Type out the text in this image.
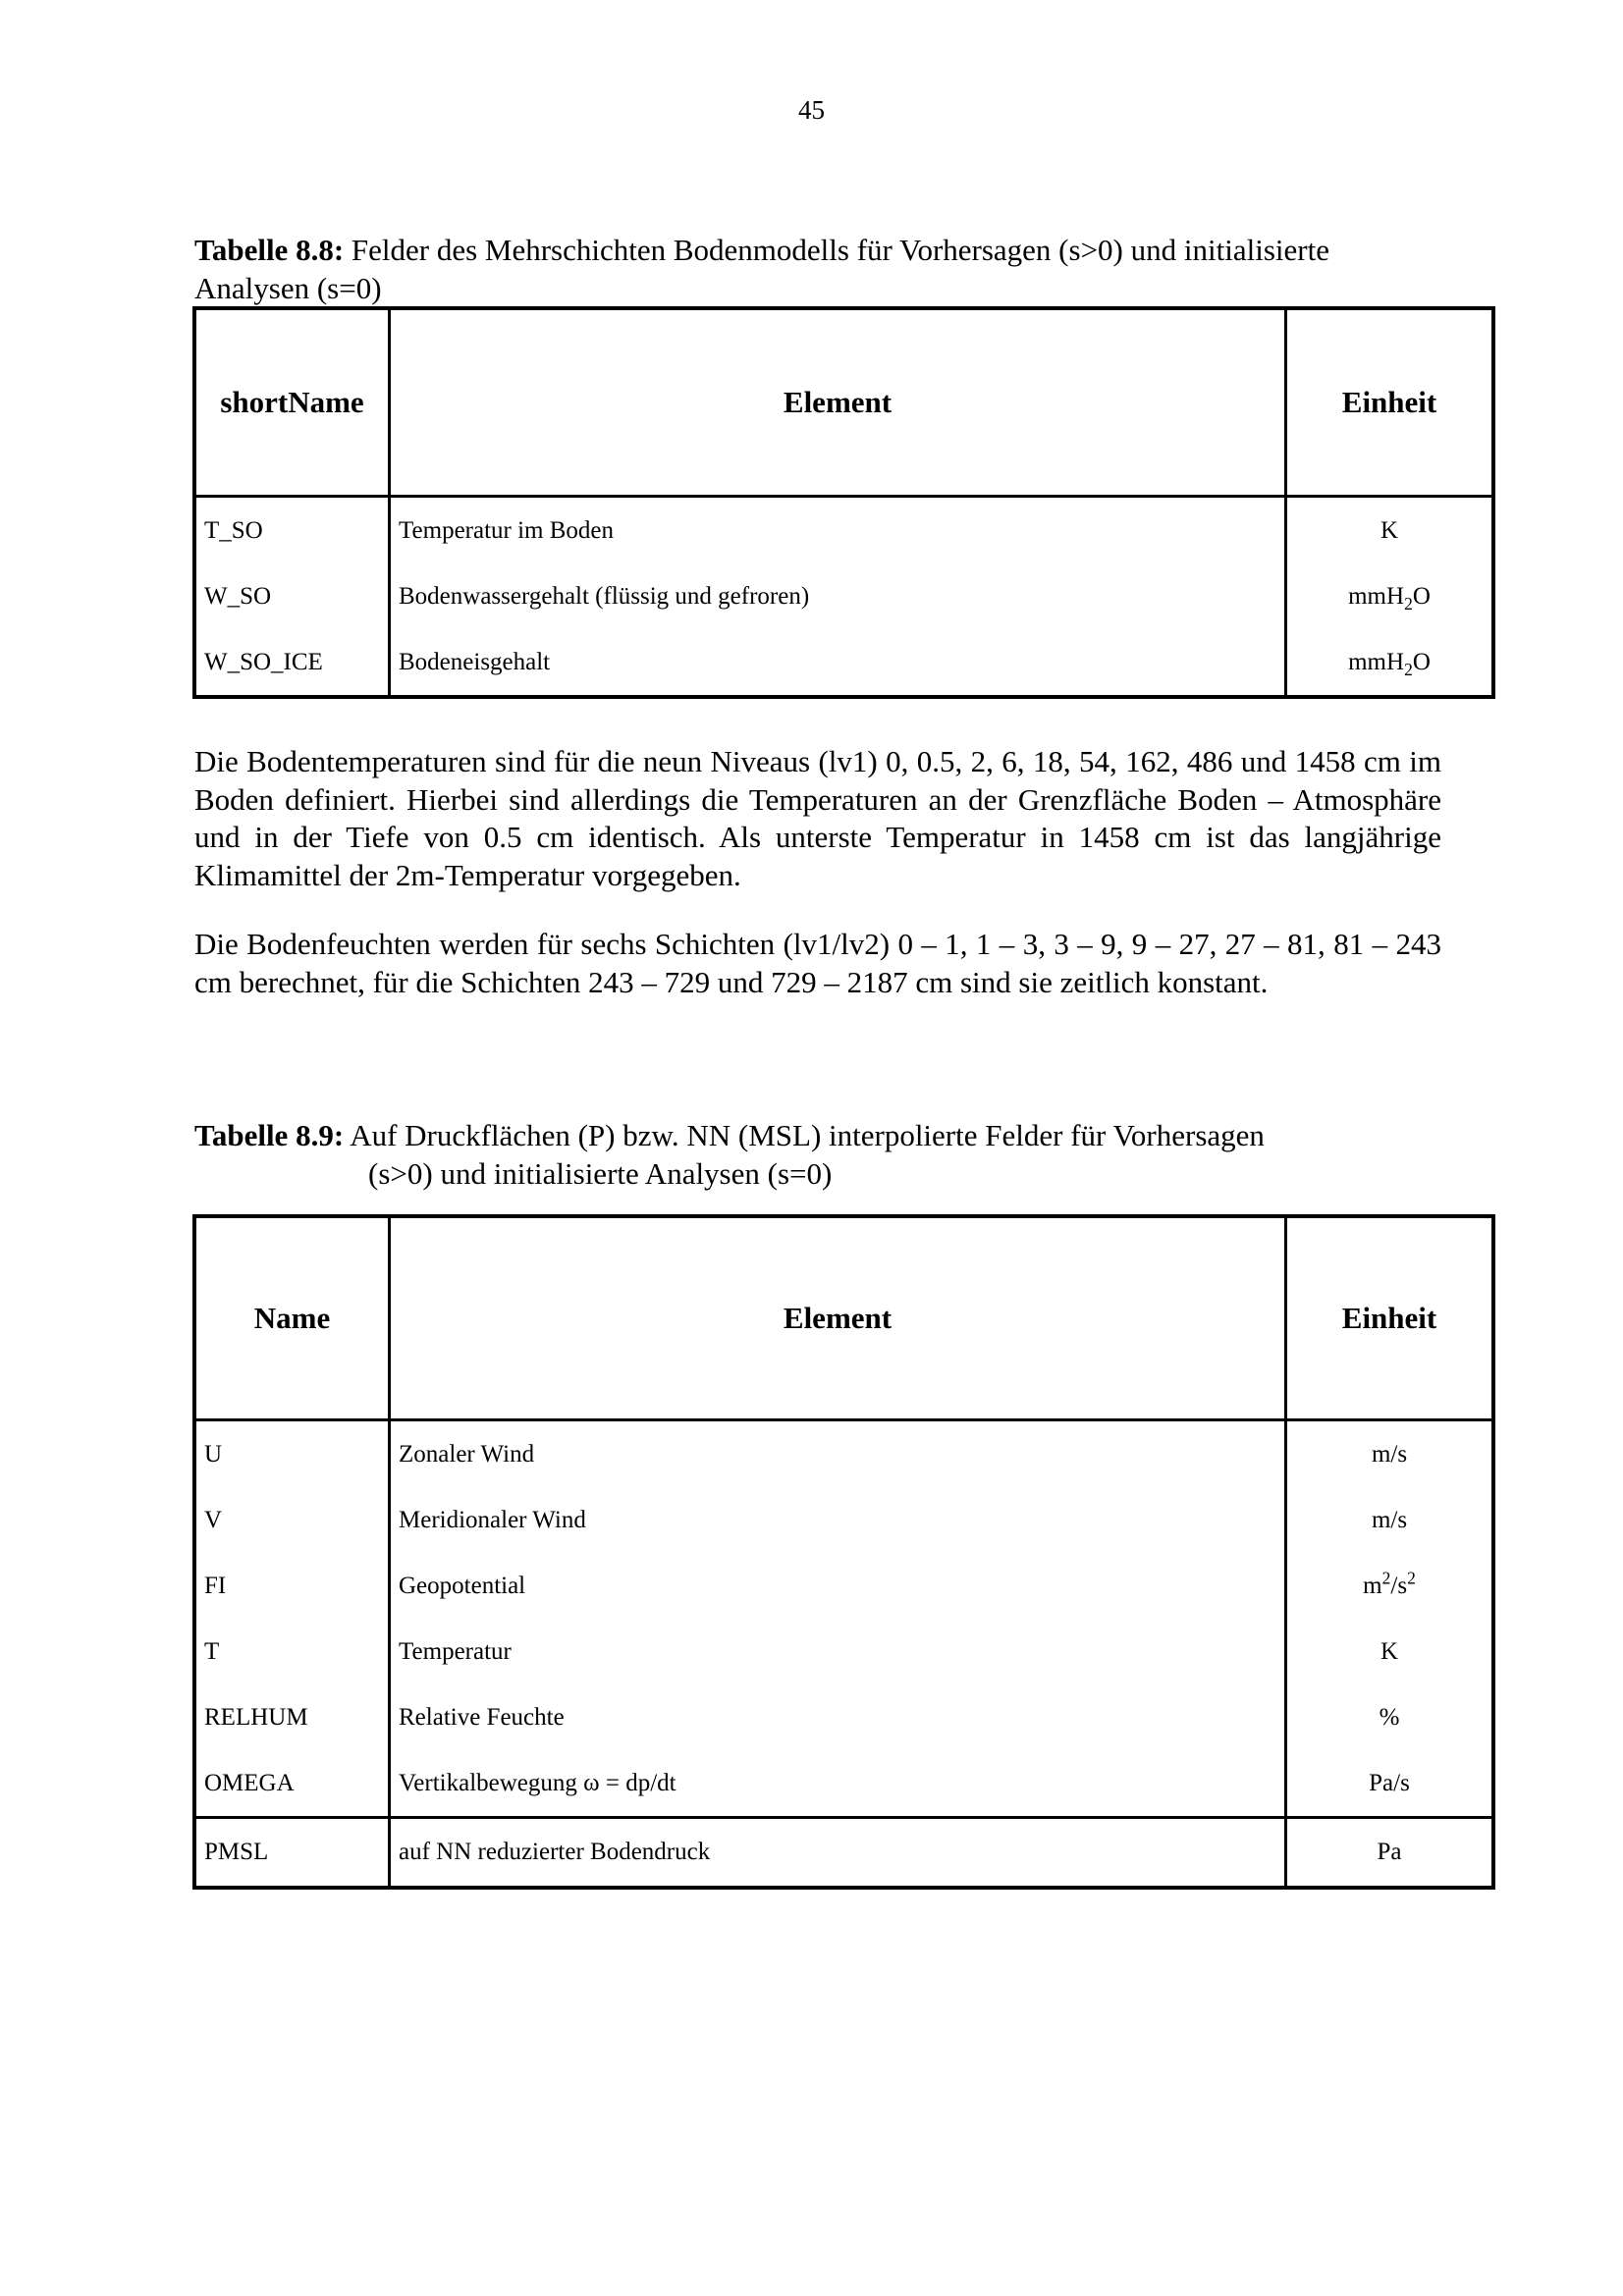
45
Tabelle 8.8: Felder des Mehrschichten Bodenmodells für Vorhersagen (s>0) und initialisierte Analysen (s=0)
shortName	Element	Einheit
T_SO	Temperatur im Boden	K
W_SO	Bodenwassergehalt (flüssig und gefroren)	mmH$_2$O
W_SO_ICE	Bodeneisgehalt	mmH$_2$O
Die Bodentemperaturen sind für die neun Niveaus (lv1) 0, 0.5, 2, 6, 18, 54, 162, 486 und 1458 cm im Boden definiert. Hierbei sind allerdings die Temperaturen an der Grenzfläche Boden – Atmosphäre und in der Tiefe von 0.5 cm identisch. Als unterste Temperatur in 1458 cm ist das langjährige Klimamittel der 2m-Temperatur vorgegeben.
Die Bodenfeuchten werden für sechs Schichten (lv1/lv2) 0 – 1, 1 – 3, 3 – 9, 9 – 27, 27 – 81, 81 – 243 cm berechnet, für die Schichten 243 – 729 und 729 – 2187 cm sind sie zeitlich konstant.
Tabelle 8.9: Auf Druckflächen (P) bzw. NN (MSL) interpolierte Felder für Vorhersagen
(s>0) und initialisierte Analysen (s=0)
Name	Element	Einheit
U	Zonaler Wind	m/s
V	Meridionaler Wind	m/s
FI	Geopotential	$m^2/s^2$
T	Temperatur	K
RELHUM	Relative Feuchte	%
OMEGA	Vertikalbewegung ω = dp/dt	Pa/s
PMSL	auf NN reduzierter Bodendruck	Pa
